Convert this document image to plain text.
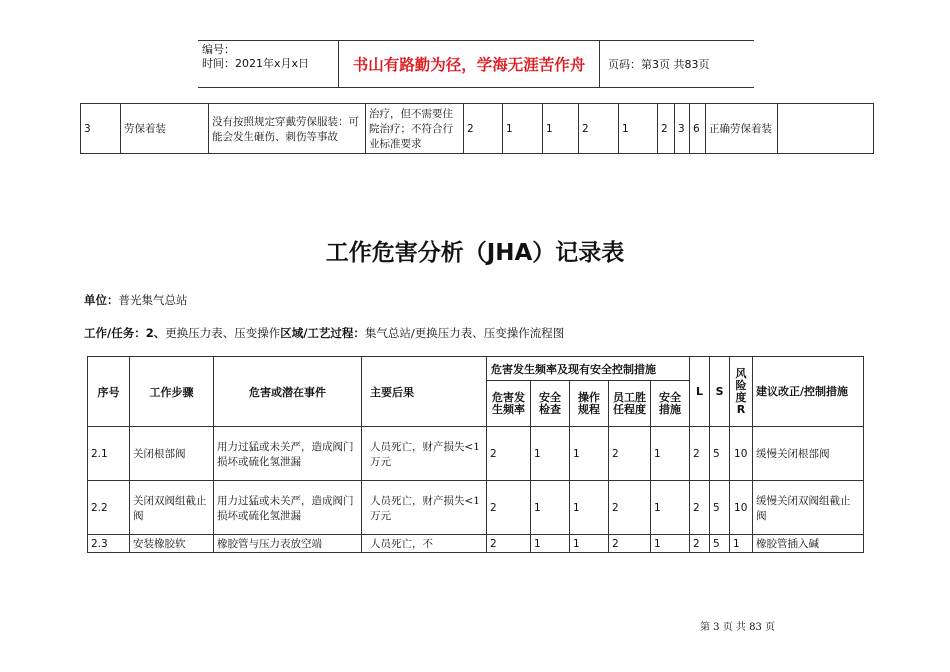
编号：
时间：2021年x月x日	书山有路勤为径，学海无涯苦作舟	页码：第3页 共83页
3	劳保着装	没有按照规定穿戴劳保服装：可能会发生砸伤、刺伤等事故	治疗，但不需要住院治疗；不符合行业标准要求	2	1	1	2	1	2	3	6	正确劳保着装	
工作危害分析（JHA）记录表
单位：普光集气总站
工作/任务：2、更换压力表、压变操作区域/工艺过程：集气总站/更换压力表、压变操作流程图
序号	工作步骤	危害或潜在事件	主要后果	危害发生频率及现有安全控制措施					L	S	风险度R	建议改正/控制措施
				危害发生频率	安全检查	操作规程	员工胜任程度	安全措施				
2.1	关闭根部阀	用力过猛或未关严，造成阀门损坏或硫化氢泄漏	人员死亡，财产损失<1万元	2	1	1	2	1	2	5	10	缓慢关闭根部阀
2.2	关闭双阀组截止阀	用力过猛或未关严，造成阀门损坏或硫化氢泄漏	人员死亡，财产损失<1万元	2	1	1	2	1	2	5	10	缓慢关闭双阀组截止阀
2.3	安装橡胶软	橡胶管与压力表放空端	人员死亡，不	2	1	1	2	1	2	5	1	橡胶管插入碱
第 3 页 共 83 页
